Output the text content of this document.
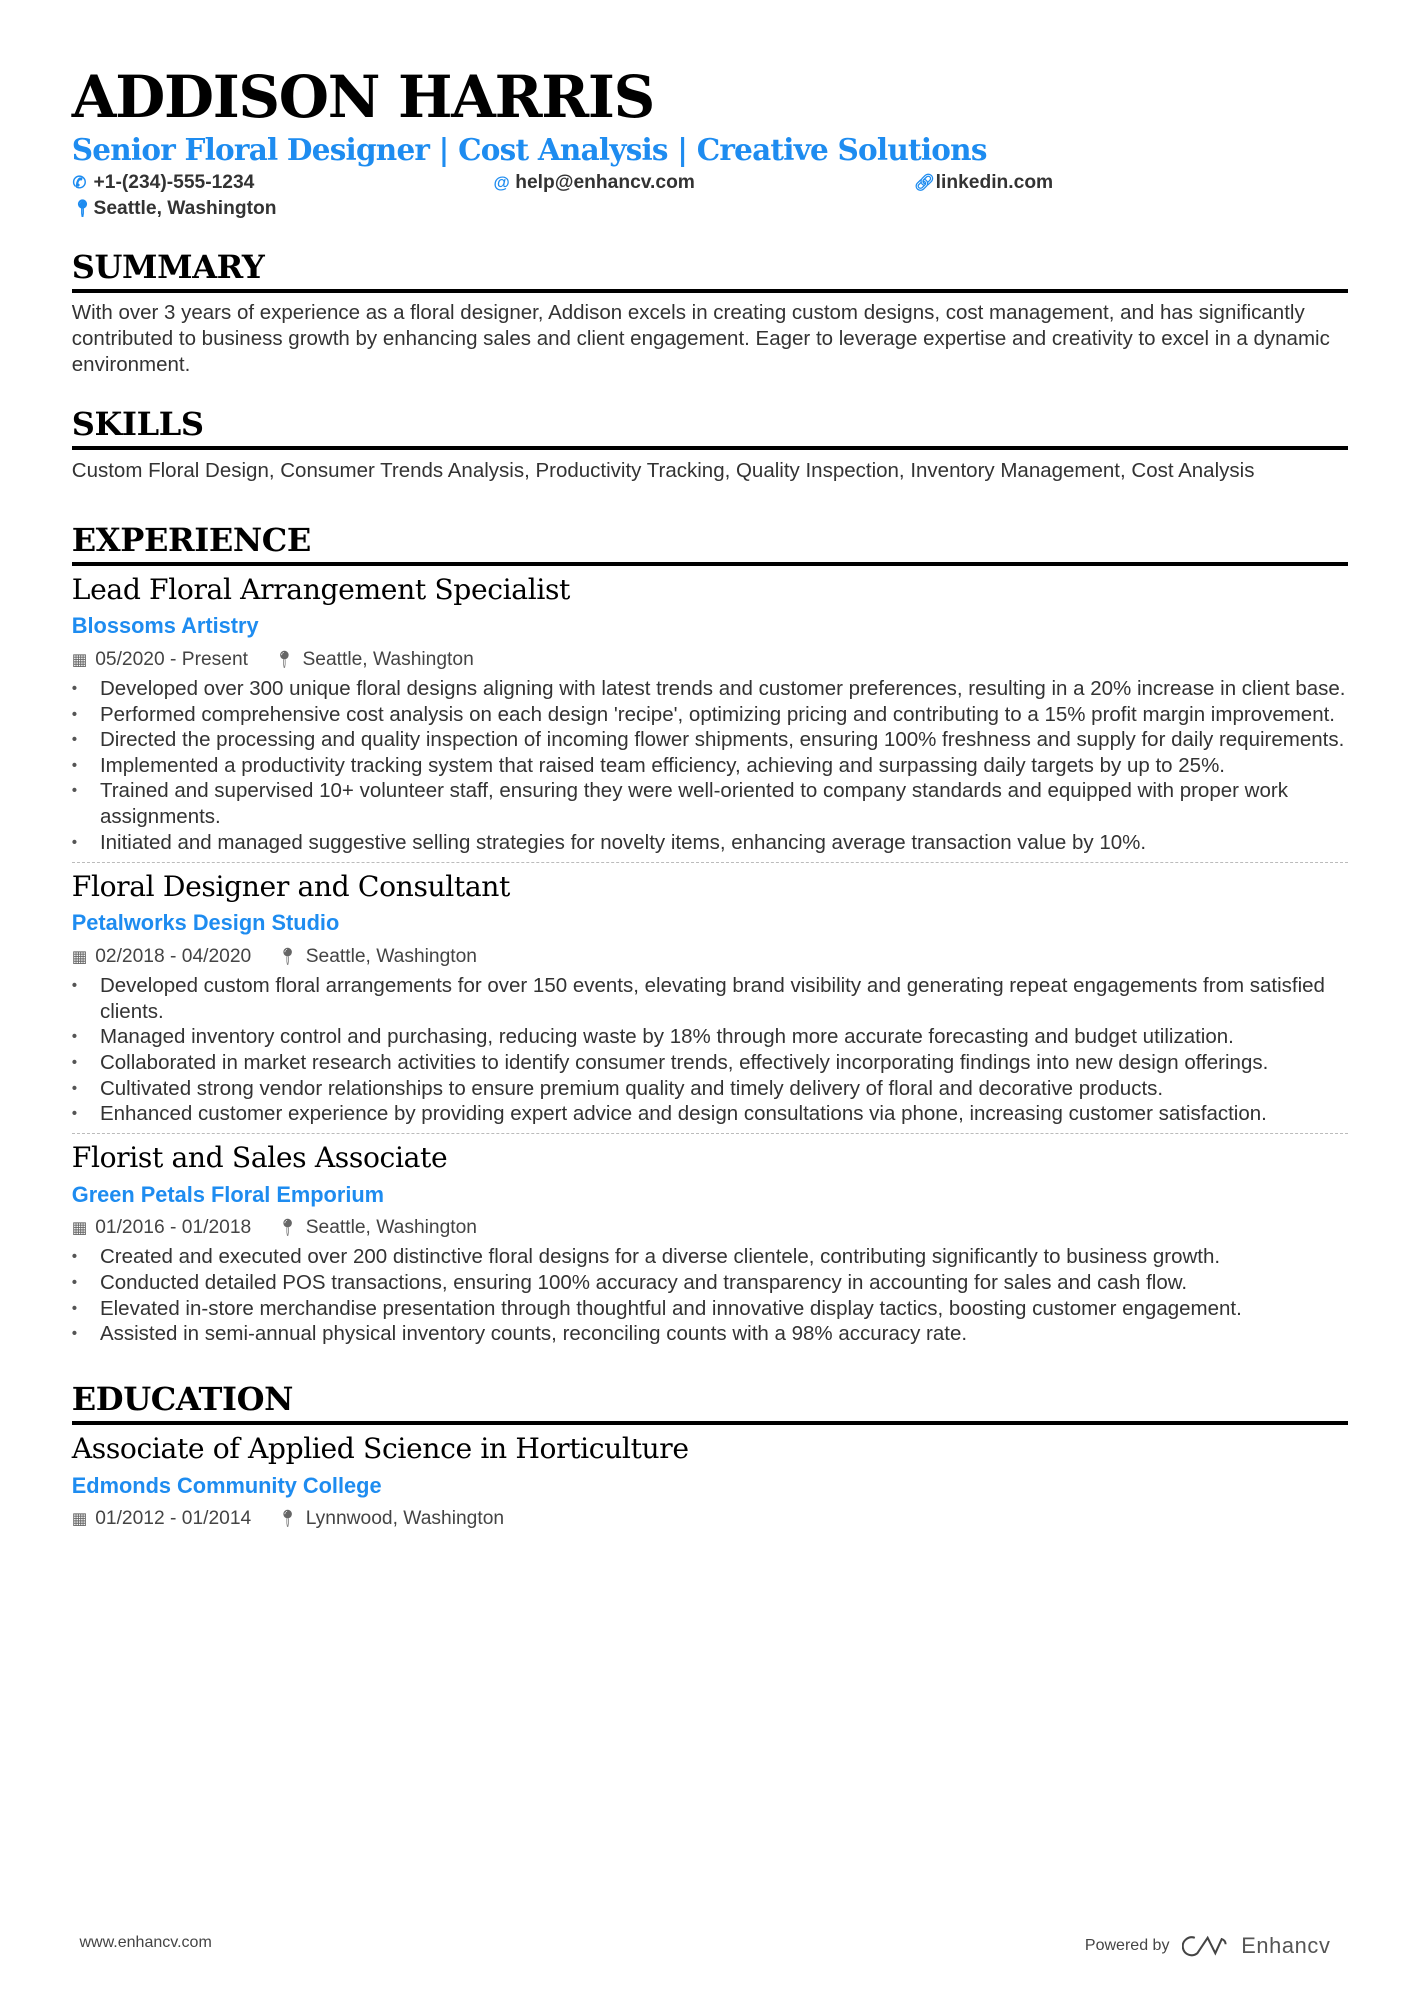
ADDISON HARRIS
Senior Floral Designer | Cost Analysis | Creative Solutions
✆ +1-(234)-555-1234	@ help@enhancv.com	🔗︎linkedin.com
📍︎Seattle, Washington
SUMMARY
With over 3 years of experience as a floral designer, Addison excels in creating custom designs, cost management, and has significantly contributed to business growth by enhancing sales and client engagement. Eager to leverage expertise and creativity to excel in a dynamic environment.
SKILLS
Custom Floral Design, Consumer Trends Analysis, Productivity Tracking, Quality Inspection, Inventory Management, Cost Analysis
EXPERIENCE
Lead Floral Arrangement Specialist
Blossoms Artistry
▦ 05/2020 - Present 📍︎ Seattle, Washington
• Developed over 300 unique floral designs aligning with latest trends and customer preferences, resulting in a 20% increase in client base.
• Performed comprehensive cost analysis on each design 'recipe', optimizing pricing and contributing to a 15% profit margin improvement.
• Directed the processing and quality inspection of incoming flower shipments, ensuring 100% freshness and supply for daily requirements.
• Implemented a productivity tracking system that raised team efficiency, achieving and surpassing daily targets by up to 25%.
• Trained and supervised 10+ volunteer staff, ensuring they were well-oriented to company standards and equipped with proper work assignments.
• Initiated and managed suggestive selling strategies for novelty items, enhancing average transaction value by 10%.
Floral Designer and Consultant
Petalworks Design Studio
▦ 02/2018 - 04/2020 📍︎ Seattle, Washington
• Developed custom floral arrangements for over 150 events, elevating brand visibility and generating repeat engagements from satisfied clients.
• Managed inventory control and purchasing, reducing waste by 18% through more accurate forecasting and budget utilization.
• Collaborated in market research activities to identify consumer trends, effectively incorporating findings into new design offerings.
• Cultivated strong vendor relationships to ensure premium quality and timely delivery of floral and decorative products.
• Enhanced customer experience by providing expert advice and design consultations via phone, increasing customer satisfaction.
Florist and Sales Associate
Green Petals Floral Emporium
▦ 01/2016 - 01/2018 📍︎ Seattle, Washington
• Created and executed over 200 distinctive floral designs for a diverse clientele, contributing significantly to business growth.
• Conducted detailed POS transactions, ensuring 100% accuracy and transparency in accounting for sales and cash flow.
• Elevated in-store merchandise presentation through thoughtful and innovative display tactics, boosting customer engagement.
• Assisted in semi-annual physical inventory counts, reconciling counts with a 98% accuracy rate.
EDUCATION
Associate of Applied Science in Horticulture
Edmonds Community College
▦ 01/2012 - 01/2014 📍︎ Lynnwood, Washington
www.enhancv.com	Powered by	Enhancv
